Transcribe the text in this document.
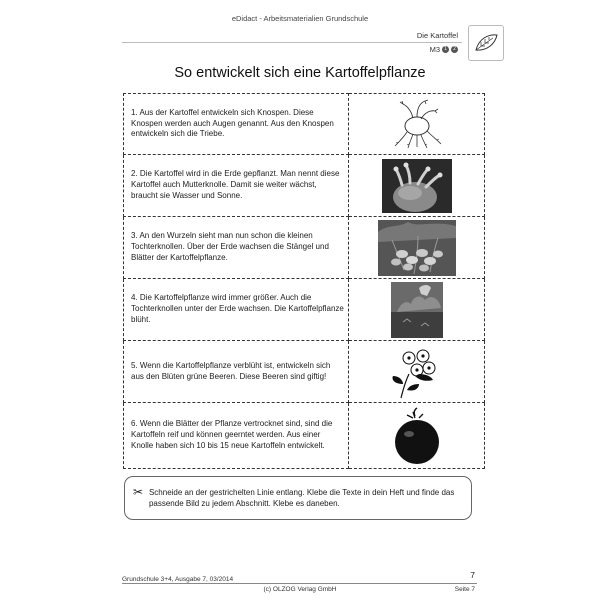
eDidact - Arbeitsmaterialien Grundschule
Die Kartoffel
M3 1	2
So entwickelt sich eine Kartoffelpflanze
1. Aus der Kartoffel entwickeln sich Knospen. Diese Knospen werden auch Augen genannt. Aus den Knospen entwickeln sich die Triebe.

2. Die Kartoffel wird in die Erde gepflanzt. Man nennt diese Kartoffel auch Mutterknolle. Damit sie weiter wächst, braucht sie Wasser und Sonne.

3. An den Wurzeln sieht man nun schon die kleinen Tochterknollen. Über der Erde wachsen die Stängel und Blätter der Kartoffelpflanze.

4. Die Kartoffelpflanze wird immer größer. Auch die Tochterknollen unter der Erde wachsen. Die Kartoffelpflanze blüht.

5. Wenn die Kartoffelpflanze verblüht ist, entwickeln sich aus den Blüten grüne Beeren. Diese Beeren sind giftig!

6. Wenn die Blätter der Pflanze vertrocknet sind, sind die Kartoffeln reif und können geerntet werden. Aus einer Knolle haben sich 10 bis 15 neue Kartoffeln entwickelt.

✂ Schneide an der gestrichelten Linie entlang. Klebe die Texte in dein Heft und finde das passende Bild zu jedem Abschnitt. Klebe es daneben.
7
Grundschule 3+4, Ausgabe 7, 03/2014
(c) OLZOG Verlag GmbH	Seite 7
